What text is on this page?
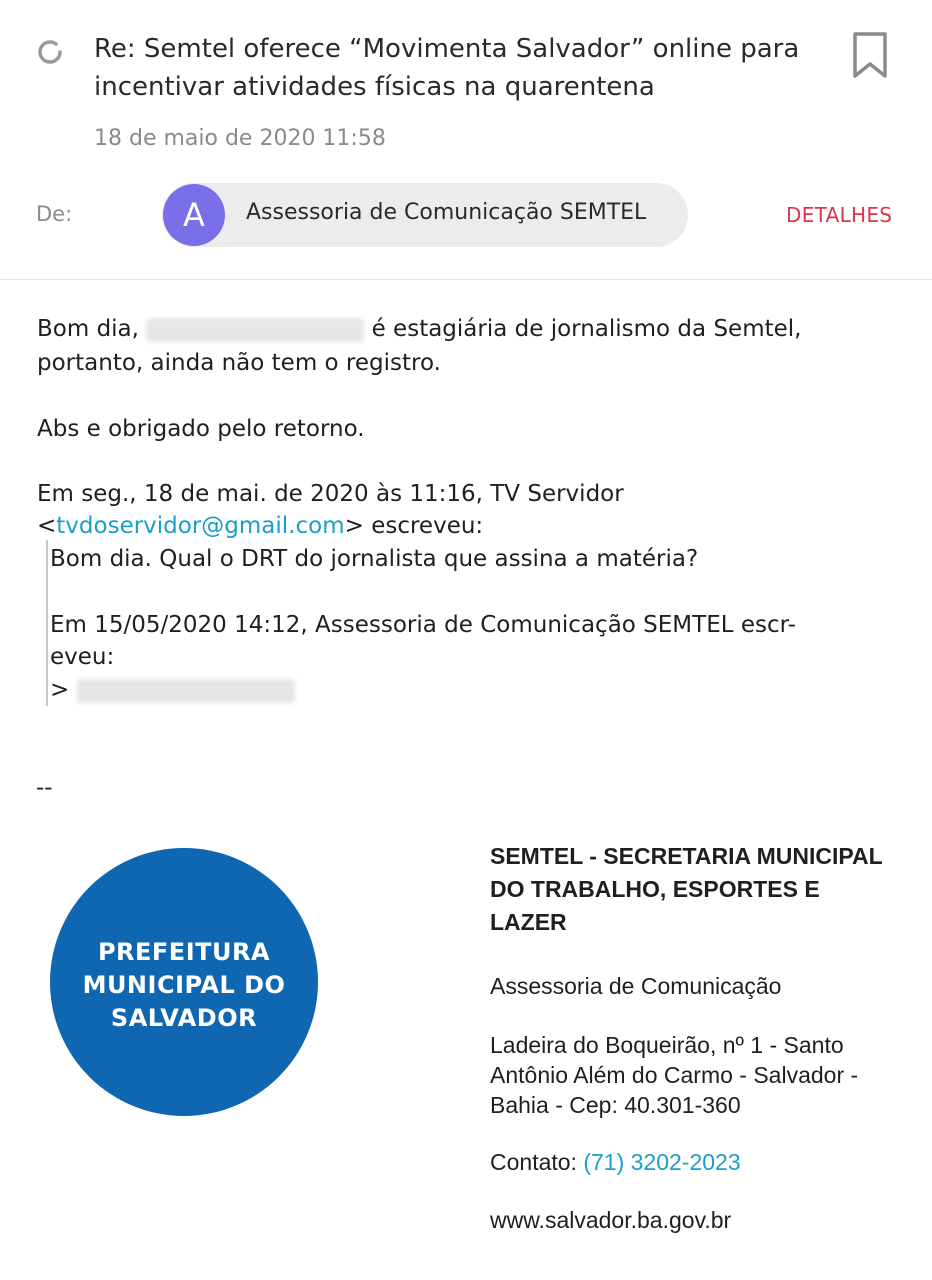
Re: Semtel oferece “Movimenta Salvador” online para incentivar atividades físicas na quarentena
18 de maio de 2020 11:58
De:	A	Assessoria de Comunicação SEMTEL	DETALHES
Bom dia,	é estagiária de jornalismo da Semtel,
portanto, ainda não tem o registro.
Abs e obrigado pelo retorno.
Em seg., 18 de mai. de 2020 às 11:16, TV Servidor
<tvdoservidor@gmail.com> escreveu:
Bom dia. Qual o DRT do jornalista que assina a matéria?
Em 15/05/2020 14:12, Assessoria de Comunicação SEMTEL escr-
eveu:
>
--
PREFEITURA
MUNICIPAL DO
SALVADOR
SEMTEL - SECRETARIA MUNICIPAL
DO TRABALHO, ESPORTES E
LAZER
Assessoria de Comunicação
Ladeira do Boqueirão, nº 1 - Santo
Antônio Além do Carmo - Salvador -
Bahia - Cep: 40.301-360
Contato: (71) 3202-2023
www.salvador.ba.gov.br
